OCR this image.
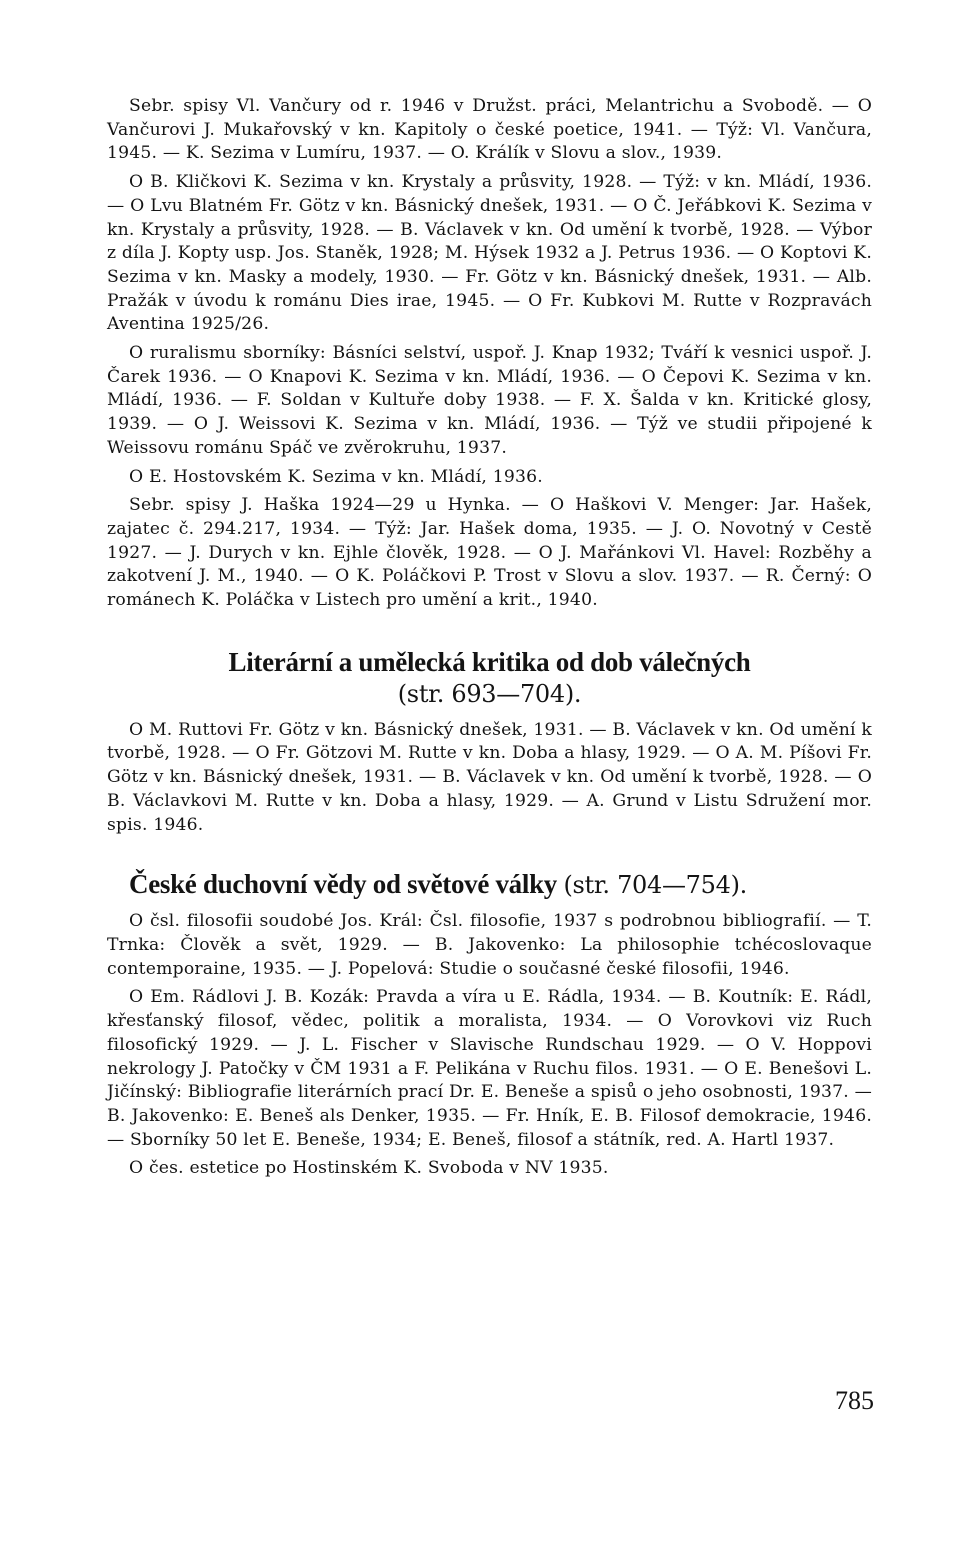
Sebr. spisy Vl. Vančury od r. 1946 v Družst. práci, Melantrichu a Svobodě. — O Vančurovi J. Mukařovský v kn. Kapitoly o české poetice, 1941. — Týž: Vl. Vančura, 1945. — K. Sezima v Lumíru, 1937. — O. Králík v Slovu a slov., 1939.

O B. Kličkovi K. Sezima v kn. Krystaly a průsvity, 1928. — Týž: v kn. Mládí, 1936. — O Lvu Blatném Fr. Götz v kn. Básnický dnešek, 1931. — O Č. Jeřábkovi K. Sezima v kn. Krystaly a průsvity, 1928. — B. Václavek v kn. Od umění k tvorbě, 1928. — Výbor z díla J. Kopty usp. Jos. Staněk, 1928; M. Hýsek 1932 a J. Petrus 1936. — O Koptovi K. Sezima v kn. Masky a modely, 1930. — Fr. Götz v kn. Básnický dnešek, 1931. — Alb. Pražák v úvodu k románu Dies irae, 1945. — O Fr. Kubkovi M. Rutte v Rozpravách Aventina 1925/26.

O ruralismu sborníky: Básníci selství, uspoř. J. Knap 1932; Tváří k vesnici uspoř. J. Čarek 1936. — O Knapovi K. Sezima v kn. Mládí, 1936. — O Čepovi K. Sezima v kn. Mládí, 1936. — F. Soldan v Kultuře doby 1938. — F. X. Šalda v kn. Kritické glosy, 1939. — O J. Weissovi K. Sezima v kn. Mládí, 1936. — Týž ve studii připojené k Weissovu románu Spáč ve zvěrokruhu, 1937.

O E. Hostovském K. Sezima v kn. Mládí, 1936.

Sebr. spisy J. Haška 1924—29 u Hynka. — O Haškovi V. Menger: Jar. Hašek, zajatec č. 294.217, 1934. — Týž: Jar. Hašek doma, 1935. — J. O. Novotný v Cestě 1927. — J. Durych v kn. Ejhle člověk, 1928. — O J. Mařánkovi Vl. Havel: Rozběhy a zakotvení J. M., 1940. — O K. Poláčkovi P. Trost v Slovu a slov. 1937. — R. Černý: O románech K. Poláčka v Listech pro umění a krit., 1940.

Literární a umělecká kritika od dob válečných
(str. 693—704).

O M. Ruttovi Fr. Götz v kn. Básnický dnešek, 1931. — B. Václavek v kn. Od umění k tvorbě, 1928. — O Fr. Götzovi M. Rutte v kn. Doba a hlasy, 1929. — O A. M. Píšovi Fr. Götz v kn. Básnický dnešek, 1931. — B. Václavek v kn. Od umění k tvorbě, 1928. — O B. Václavkovi M. Rutte v kn. Doba a hlasy, 1929. — A. Grund v Listu Sdružení mor. spis. 1946.

České duchovní vědy od světové války (str. 704—754).

O čsl. filosofii soudobé Jos. Král: Čsl. filosofie, 1937 s podrobnou bibliografií. — T. Trnka: Člověk a svět, 1929. — B. Jakovenko: La philosophie tchécoslovaque contemporaine, 1935. — J. Popelová: Studie o současné české filosofii, 1946.

O Em. Rádlovi J. B. Kozák: Pravda a víra u E. Rádla, 1934. — B. Koutník: E. Rádl, křesťanský filosof, vědec, politik a moralista, 1934. — O Vorovkovi viz Ruch filosofický 1929. — J. L. Fischer v Slavische Rundschau 1929. — O V. Hoppovi nekrology J. Patočky v ČM 1931 a F. Pelikána v Ruchu filos. 1931. — O E. Benešovi L. Jičínský: Bibliografie literárních prací Dr. E. Beneše a spisů o jeho osobnosti, 1937. — B. Jakovenko: E. Beneš als Denker, 1935. — Fr. Hník, E. B. Filosof demokracie, 1946. — Sborníky 50 let E. Beneše, 1934; E. Beneš, filosof a státník, red. A. Hartl 1937.

O čes. estetice po Hostinském K. Svoboda v NV 1935.

785
